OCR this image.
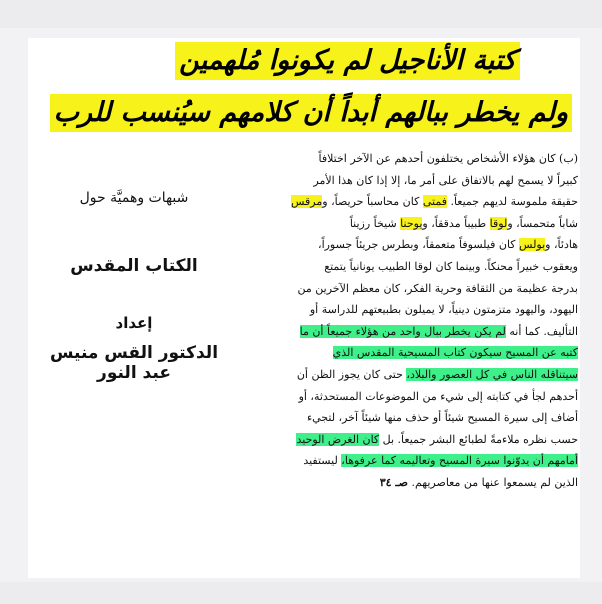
كتبة الأناجيل لم يكونوا مُلهمين
ولم يخطر ببالهم أبداً أن كلامهم سيُنسب للرب
شبهات وهميَّة حول
الكتاب المقدس
إعداد
الدكتور القس منيس عبد النور
(ب) كان هؤلاء الأشخاص يختلفون أحدهم عن الآخر اختلافاً
كبيراً لا يسمح لهم بالاتفاق على أمر ما، إلا إذا كان هذا الأمر
حقيقة ملموسة لديهم جميعاً. فمتى كان محاسباً حريصاً، ومرقس
شاباً متحمساً، ولوقا طبيباً مدققاً، ويوحنا شيخاً رزيناً
هادئاً، وبولس كان فيلسوفاً متعمقاً، وبطرس جريئاً جسوراً،
ويعقوب خبيراً محنكاً. وبينما كان لوقا الطبيب يونانياً يتمتع
بدرجة عظيمة من الثقافة وحرية الفكر، كان معظم الآخرين من
اليهود، واليهود متزمتون دينياً، لا يميلون بطبيعتهم للدراسة أو
التأليف. كما أنه لم يكن يخطر ببال واحد من هؤلاء جميعاً أن ما
كتبه عن المسيح سيكون كتاب المسيحية المقدس الذي
سيتناقله الناس في كل العصور والبلاد، حتى كان يجوز الظن أن
أحدهم لجأ في كتابته إلى شيء من الموضوعات المستحدثة، أو
أضاف إلى سيرة المسيح شيئاً أو حذف منها شيئاً آخر، لتجيء
حسب نظره ملاءمةً لطبائع البشر جميعاً. بل كان الغرض الوحيد
أمامهم أن يدوّنوا سيرة المسيح وتعاليمه كما عرفوها، ليستفيد
الذين لم يسمعوا عنها من معاصريهم. صـ ٣٤
